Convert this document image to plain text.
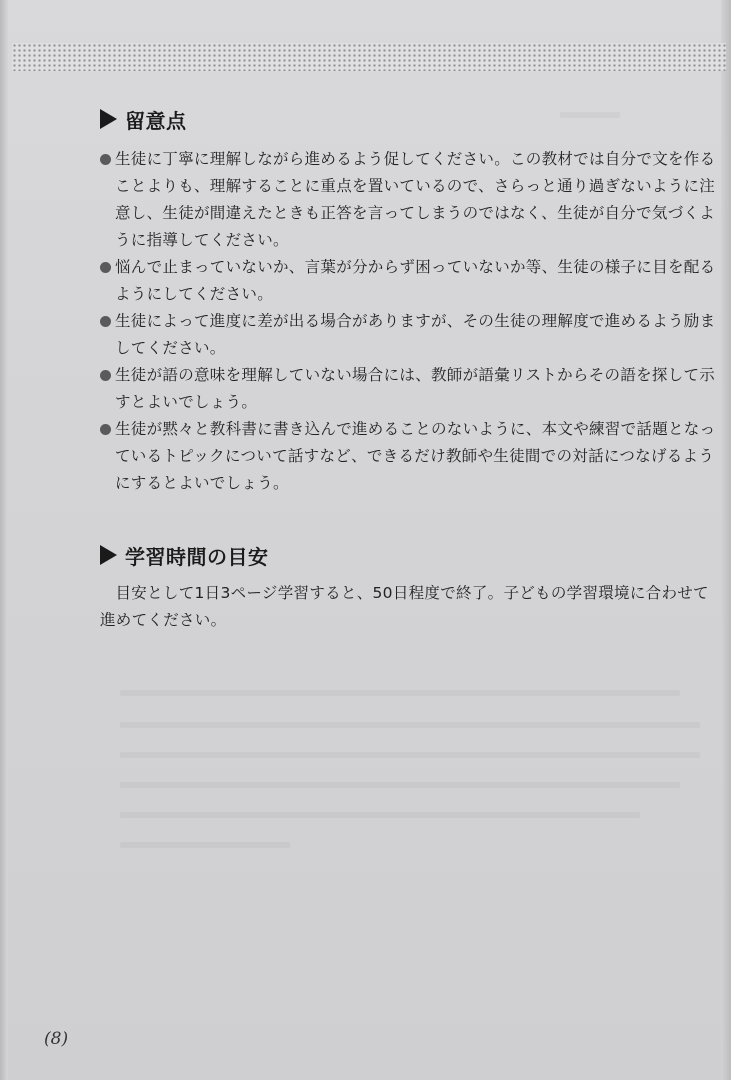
留意点
生徒に丁寧に理解しながら進めるよう促してください。この教材では自分で文を作ることよりも、理解することに重点を置いているので、さらっと通り過ぎないように注意し、生徒が間違えたときも正答を言ってしまうのではなく、生徒が自分で気づくように指導してください。
悩んで止まっていないか、言葉が分からず困っていないか等、生徒の様子に目を配るようにしてください。
生徒によって進度に差が出る場合がありますが、その生徒の理解度で進めるよう励ましてください。
生徒が語の意味を理解していない場合には、教師が語彙リストからその語を探して示すとよいでしょう。
生徒が黙々と教科書に書き込んで進めることのないように、本文や練習で話題となっているトピックについて話すなど、できるだけ教師や生徒間での対話につなげるようにするとよいでしょう。
学習時間の目安
目安として1日3ページ学習すると、50日程度で終了。子どもの学習環境に合わせて進めてください。
(8)
